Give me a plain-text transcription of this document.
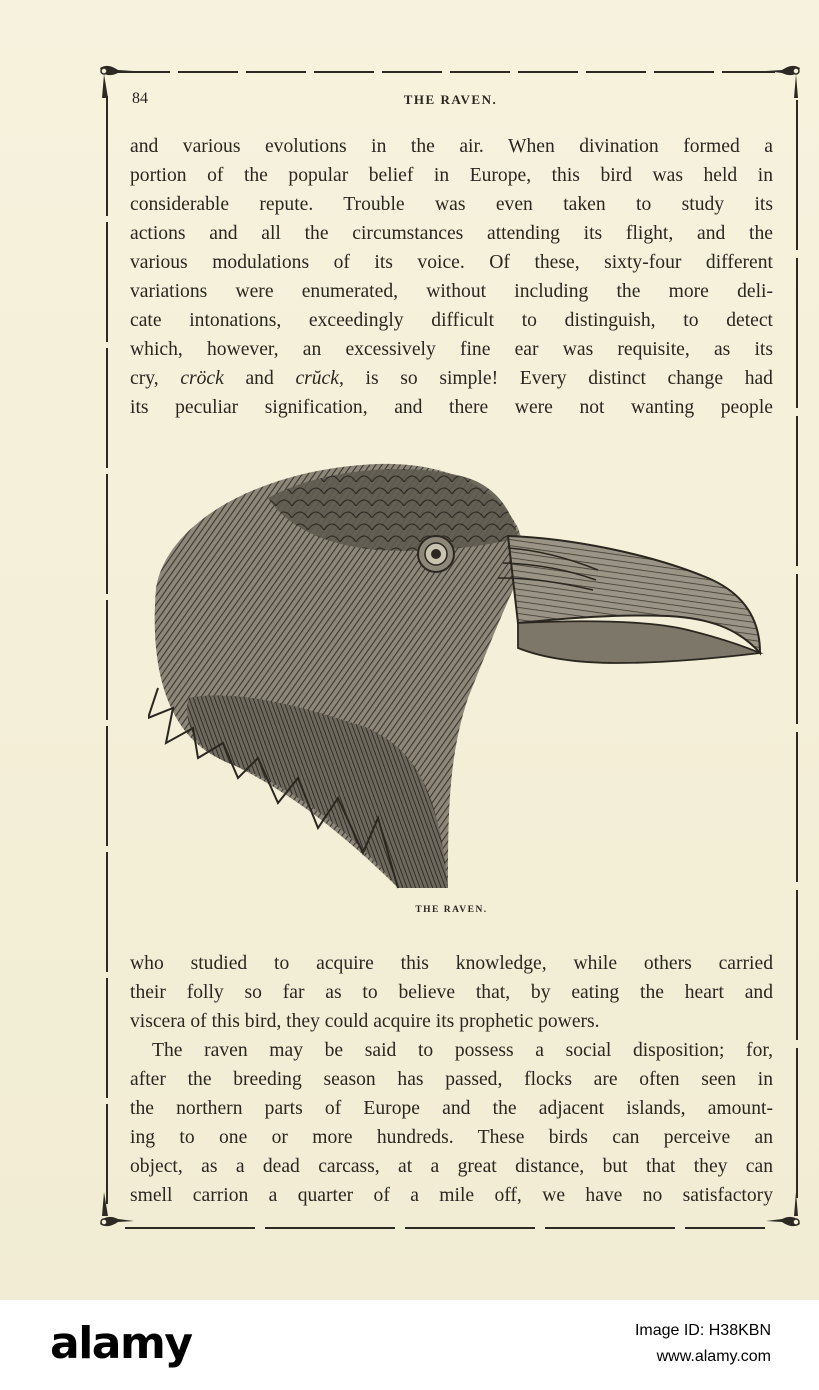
84	THE RAVEN.
and various evolutions in the air. When divination formed a
portion of the popular belief in Europe, this bird was held in
considerable repute. Trouble was even taken to study its
actions and all the circumstances attending its flight, and the
various modulations of its voice. Of these, sixty-four different
variations were enumerated, without including the more deli-
cate intonations, exceedingly difficult to distinguish, to detect
which, however, an excessively fine ear was requisite, as its
cry, cröck and crŭck, is so simple! Every distinct change had
its peculiar signification, and there were not wanting people
THE RAVEN.
who studied to acquire this knowledge, while others carried
their folly so far as to believe that, by eating the heart and
viscera of this bird, they could acquire its prophetic powers.
The raven may be said to possess a social disposition; for,
after the breeding season has passed, flocks are often seen in
the northern parts of Europe and the adjacent islands, amount-
ing to one or more hundreds. These birds can perceive an
object, as a dead carcass, at a great distance, but that they can
smell carrion a quarter of a mile off, we have no satisfactory
alamy	Image ID: H38KBN
www.alamy.com
